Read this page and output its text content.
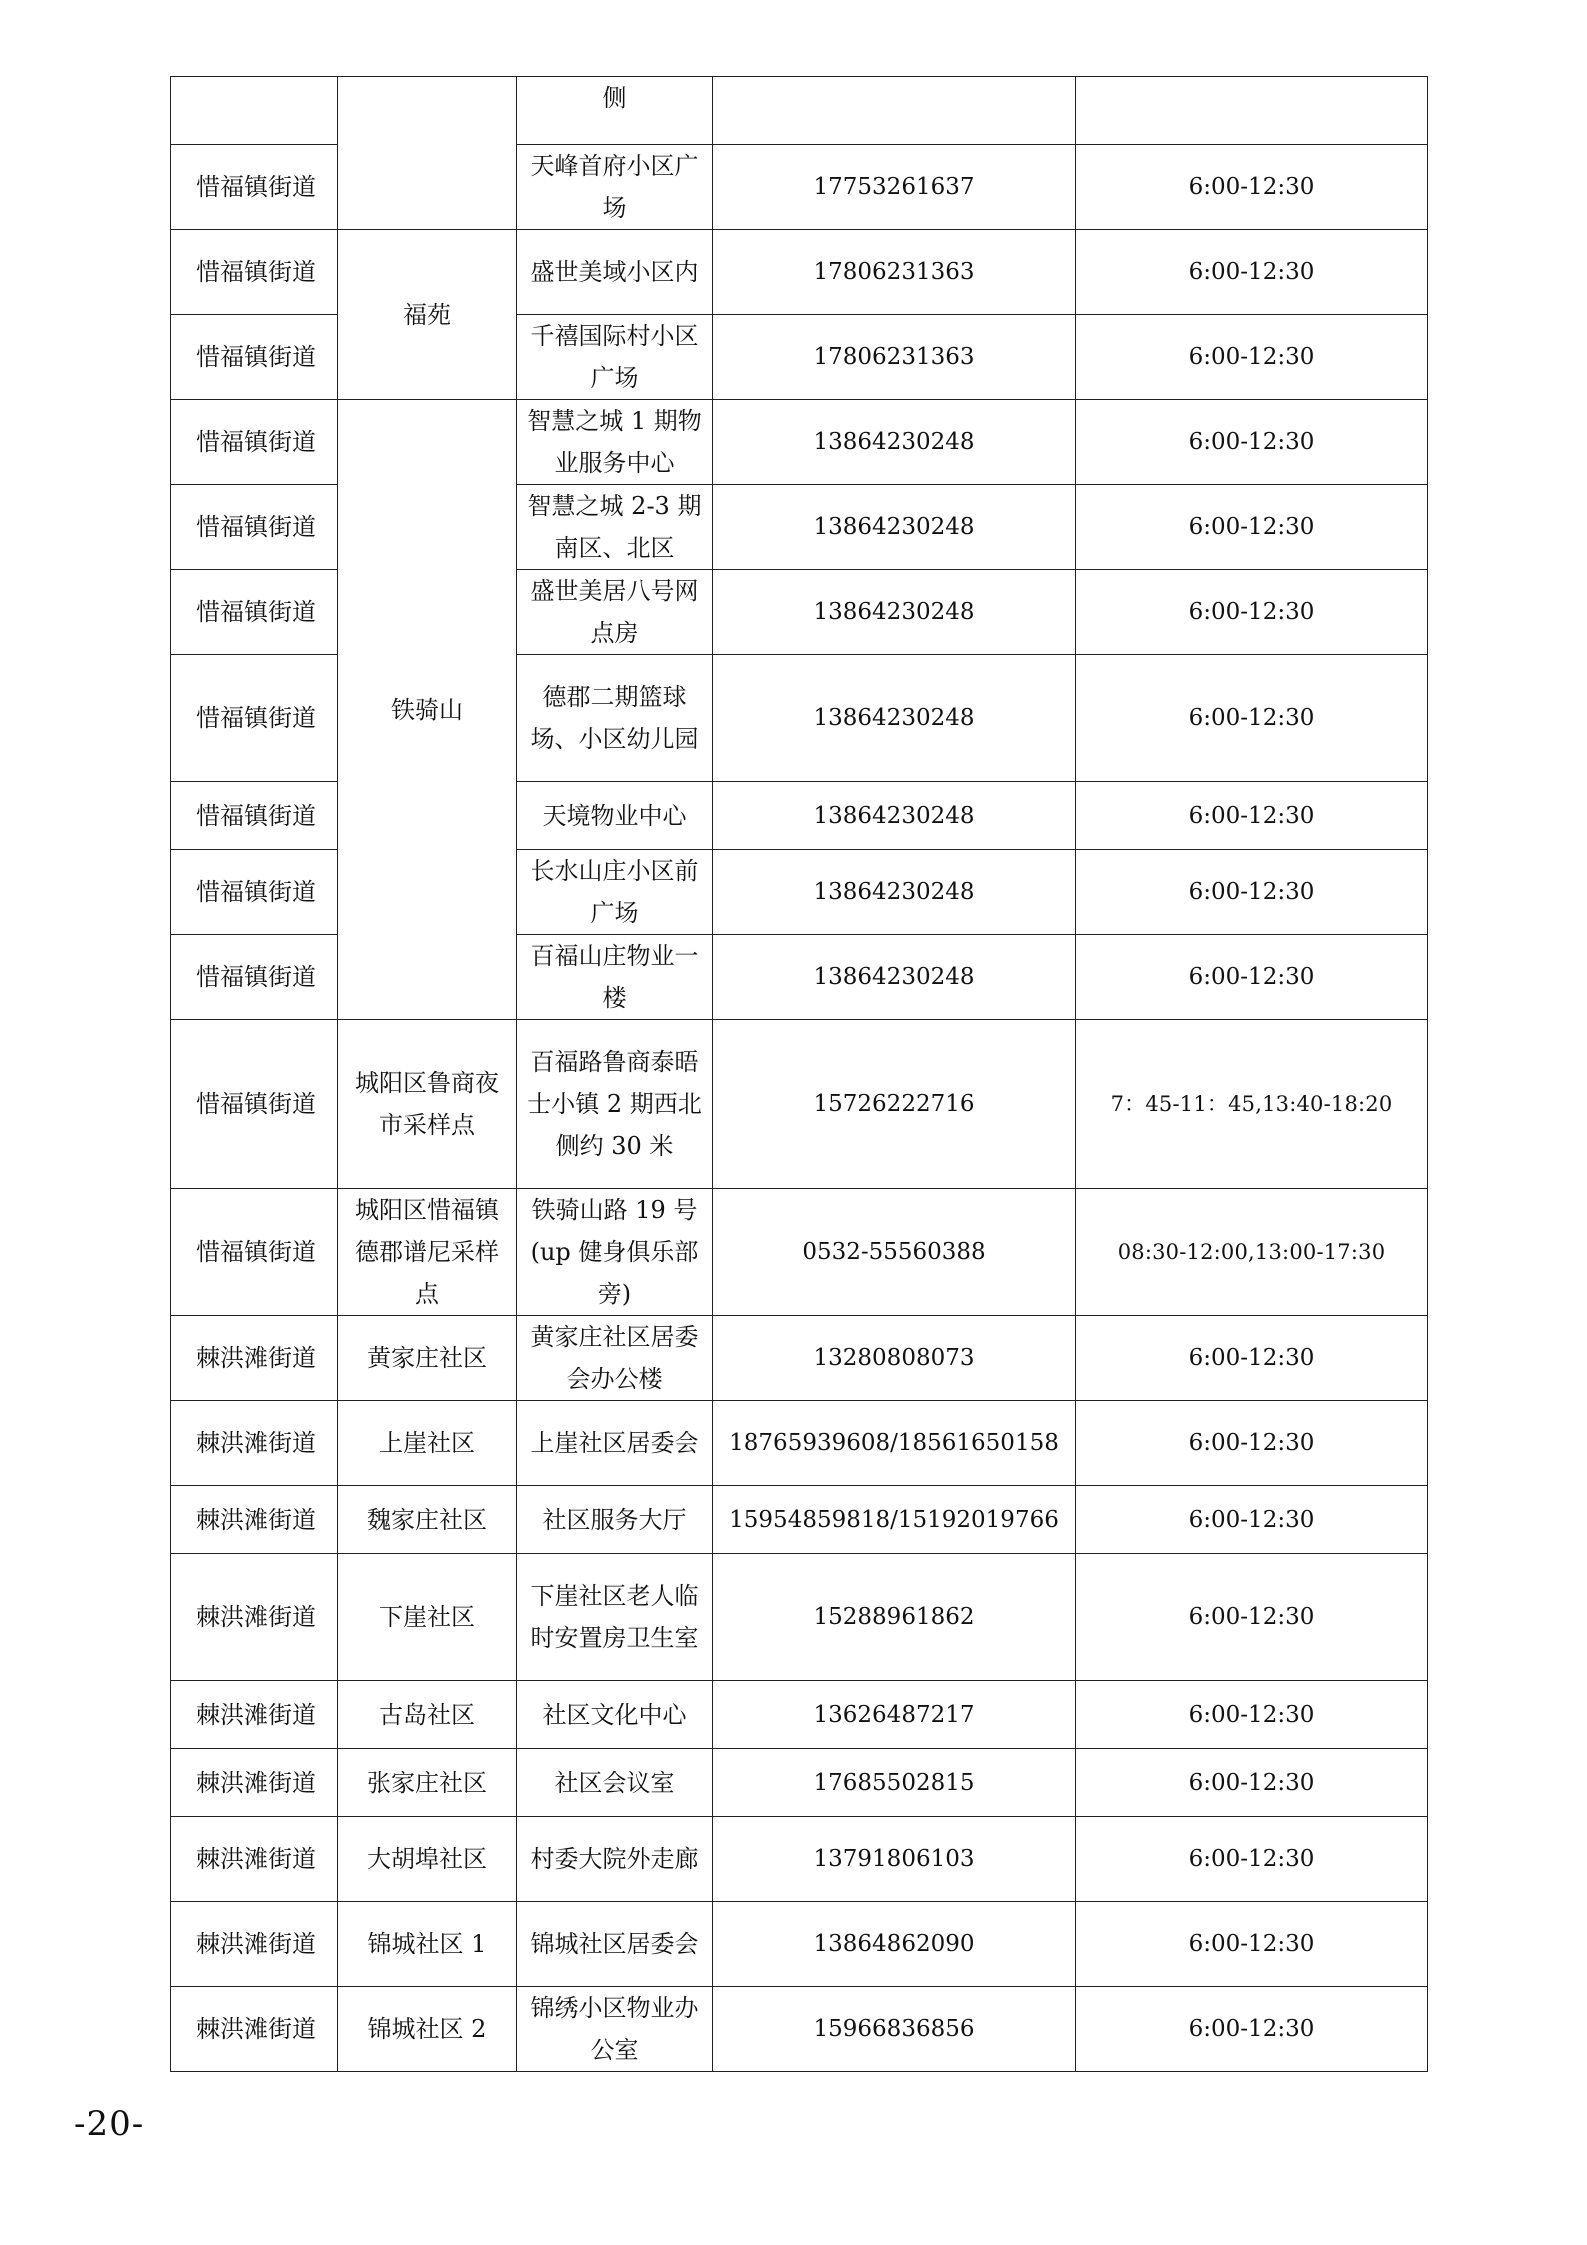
		侧		
惜福镇街道		天峰首府小区广场	17753261637	6:00-12:30
惜福镇街道	福苑	盛世美域小区内	17806231363	6:00-12:30
惜福镇街道		千禧国际村小区广场	17806231363	6:00-12:30
惜福镇街道	铁骑山	智慧之城 1 期物业服务中心	13864230248	6:00-12:30
惜福镇街道		智慧之城 2-3 期南区、北区	13864230248	6:00-12:30
惜福镇街道		盛世美居八号网点房	13864230248	6:00-12:30
惜福镇街道		德郡二期篮球场、小区幼儿园	13864230248	6:00-12:30
惜福镇街道		天境物业中心	13864230248	6:00-12:30
惜福镇街道		长水山庄小区前广场	13864230248	6:00-12:30
惜福镇街道		百福山庄物业一楼	13864230248	6:00-12:30
惜福镇街道	城阳区鲁商夜市采样点	百福路鲁商泰晤士小镇 2 期西北侧约 30 米	15726222716	7：45-11：45,13:40-18:20
惜福镇街道	城阳区惜福镇德郡谱尼采样点	铁骑山路 19 号(up 健身俱乐部旁)	0532-55560388	08:30-12:00,13:00-17:30
棘洪滩街道	黄家庄社区	黄家庄社区居委会办公楼	13280808073	6:00-12:30
棘洪滩街道	上崖社区	上崖社区居委会	18765939608/18561650158	6:00-12:30
棘洪滩街道	魏家庄社区	社区服务大厅	15954859818/15192019766	6:00-12:30
棘洪滩街道	下崖社区	下崖社区老人临时安置房卫生室	15288961862	6:00-12:30
棘洪滩街道	古岛社区	社区文化中心	13626487217	6:00-12:30
棘洪滩街道	张家庄社区	社区会议室	17685502815	6:00-12:30
棘洪滩街道	大胡埠社区	村委大院外走廊	13791806103	6:00-12:30
棘洪滩街道	锦城社区 1	锦城社区居委会	13864862090	6:00-12:30
棘洪滩街道	锦城社区 2	锦绣小区物业办公室	15966836856	6:00-12:30
-20-
